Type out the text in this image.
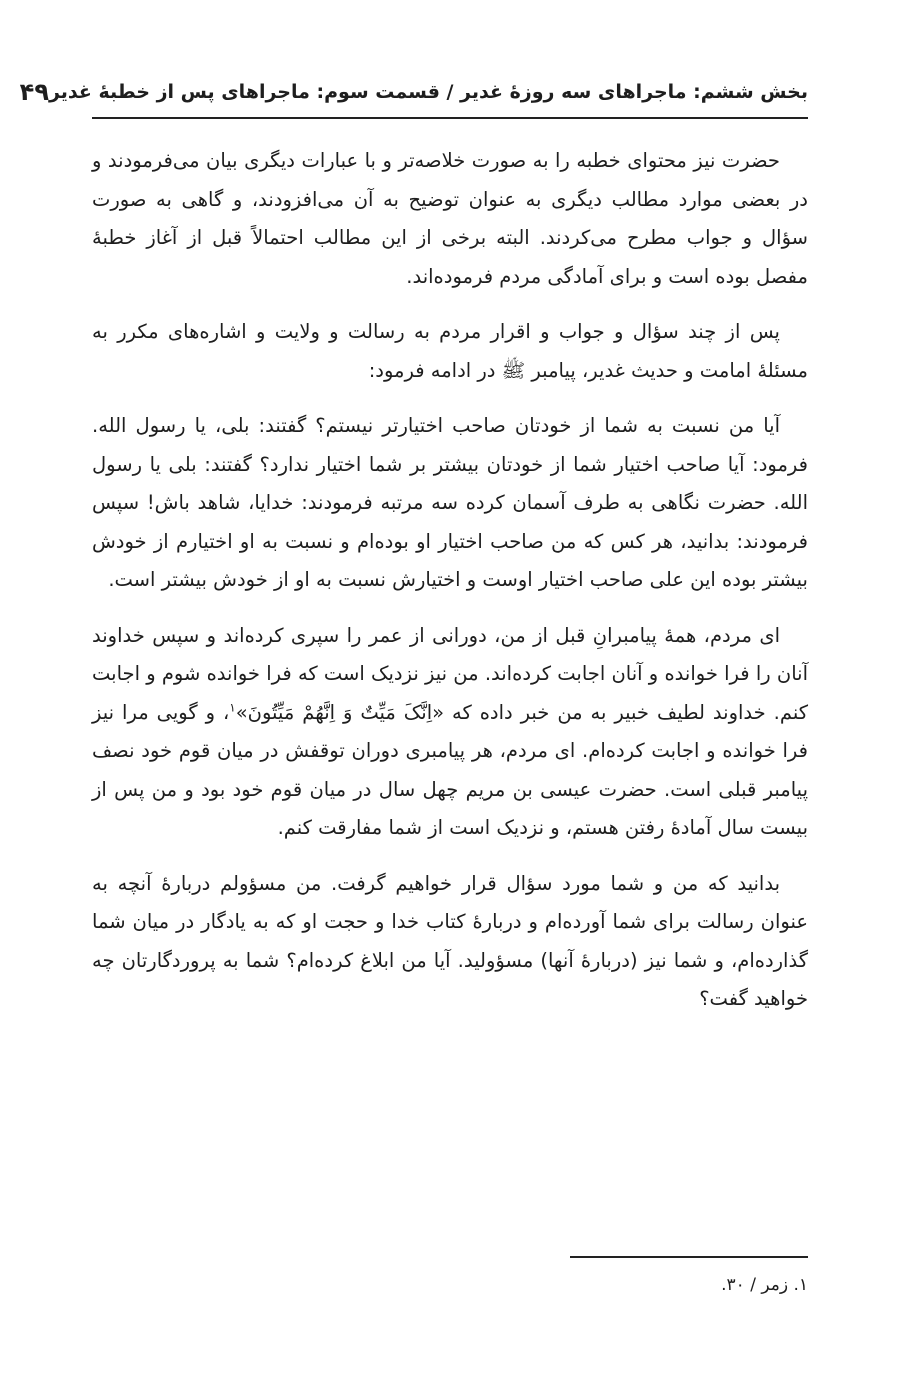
بخش ششم: ماجراهای سه روزۀ غدیر / قسمت سوم: ماجراهای پس از خطبۀ غدیر
۴۹

حضرت نیز محتوای خطبه را به صورت خلاصه‌تر و با عبارات دیگری بیان می‌فرمودند و در بعضی موارد مطالب دیگری به عنوان توضیح به آن می‌افزودند، و گاهی به صورت سؤال و جواب مطرح می‌کردند. البته برخی از این مطالب احتمالاً قبل از آغاز خطبۀ مفصل بوده است و برای آمادگی مردم فرموده‌اند.

پس از چند سؤال و جواب و اقرار مردم به رسالت و ولایت و اشاره‌های مکرر به مسئلۀ امامت و حدیث غدیر، پیامبر ﷺ در ادامه فرمود:

آیا من نسبت به شما از خودتان صاحب اختیارتر نیستم؟ گفتند: بلی، یا رسول الله. فرمود: آیا صاحب اختیار شما از خودتان بیشتر بر شما اختیار ندارد؟ گفتند: بلی یا رسول الله. حضرت نگاهی به طرف آسمان کرده سه مرتبه فرمودند: خدایا، شاهد باش! سپس فرمودند: بدانید، هر کس که من صاحب اختیار او بوده‌ام و نسبت به او اختیارم از خودش بیشتر بوده این علی صاحب اختیار اوست و اختیارش نسبت به او از خودش بیشتر است.

ای مردم، همۀ پیامبرانِ قبل از من، دورانی از عمر را سپری کرده‌اند و سپس خداوند آنان را فرا خوانده و آنان اجابت کرده‌اند. من نیز نزدیک است که فرا خوانده شوم و اجابت کنم. خداوند لطیف خبیر به من خبر داده که «اِنَّکَ مَیِّتٌ وَ اِنَّهُمْ مَیِّتُونَ»$^۱$، و گویی مرا نیز فرا خوانده و اجابت کرده‌ام. ای مردم، هر پیامبری دوران توقفش در میان قوم خود نصف پیامبر قبلی است. حضرت عیسی بن مریم چهل سال در میان قوم خود بود و من پس از بیست سال آمادۀ رفتن هستم، و نزدیک است از شما مفارقت کنم.

بدانید که من و شما مورد سؤال قرار خواهیم گرفت. من مسؤولم دربارۀ آنچه به عنوان رسالت برای شما آورده‌ام و دربارۀ کتاب خدا و حجت او که به یادگار در میان شما گذارده‌ام، و شما نیز (دربارۀ آنها) مسؤولید. آیا من ابلاغ کرده‌ام؟ شما به پروردگارتان چه خواهید گفت؟

۱. زمر / ۳۰.
